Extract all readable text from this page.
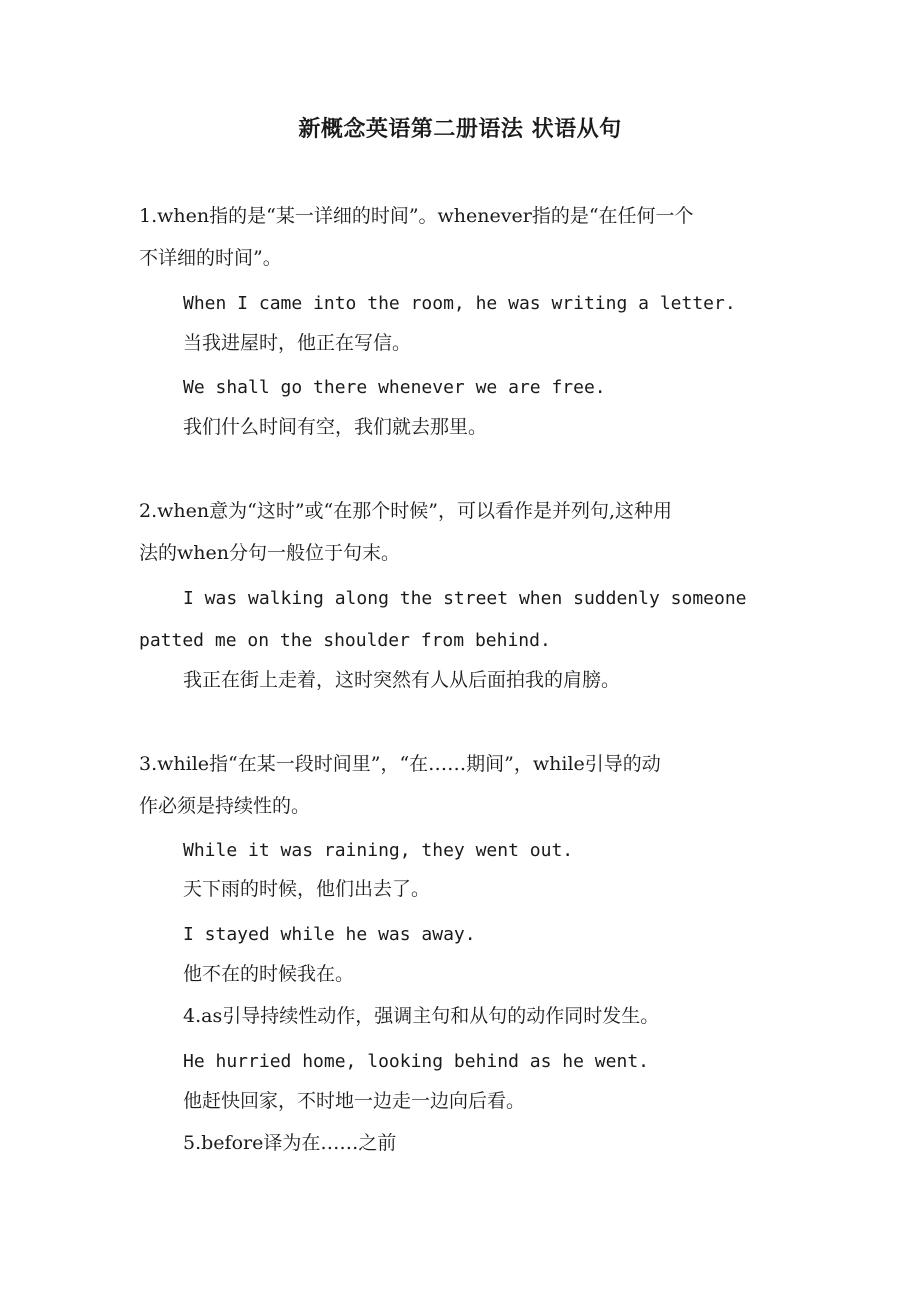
新概念英语第二册语法 状语从句
1.when指的是“某一详细的时间”。whenever指的是“在任何一个
不详细的时间”。
When I came into the room, he was writing a letter.
当我进屋时，他正在写信。
We shall go there whenever we are free.
我们什么时间有空，我们就去那里。
2.when意为“这时”或“在那个时候”，可以看作是并列句,这种用
法的when分句一般位于句末。
I was walking along the street when suddenly someone
patted me on the shoulder from behind.
我正在街上走着，这时突然有人从后面拍我的肩膀。
3.while指“在某一段时间里”，“在……期间”，while引导的动
作必须是持续性的。
While it was raining, they went out.
天下雨的时候，他们出去了。
I stayed while he was away.
他不在的时候我在。
4.as引导持续性动作，强调主句和从句的动作同时发生。
He hurried home, looking behind as he went.
他赶快回家，不时地一边走一边向后看。
5.before译为在……之前
